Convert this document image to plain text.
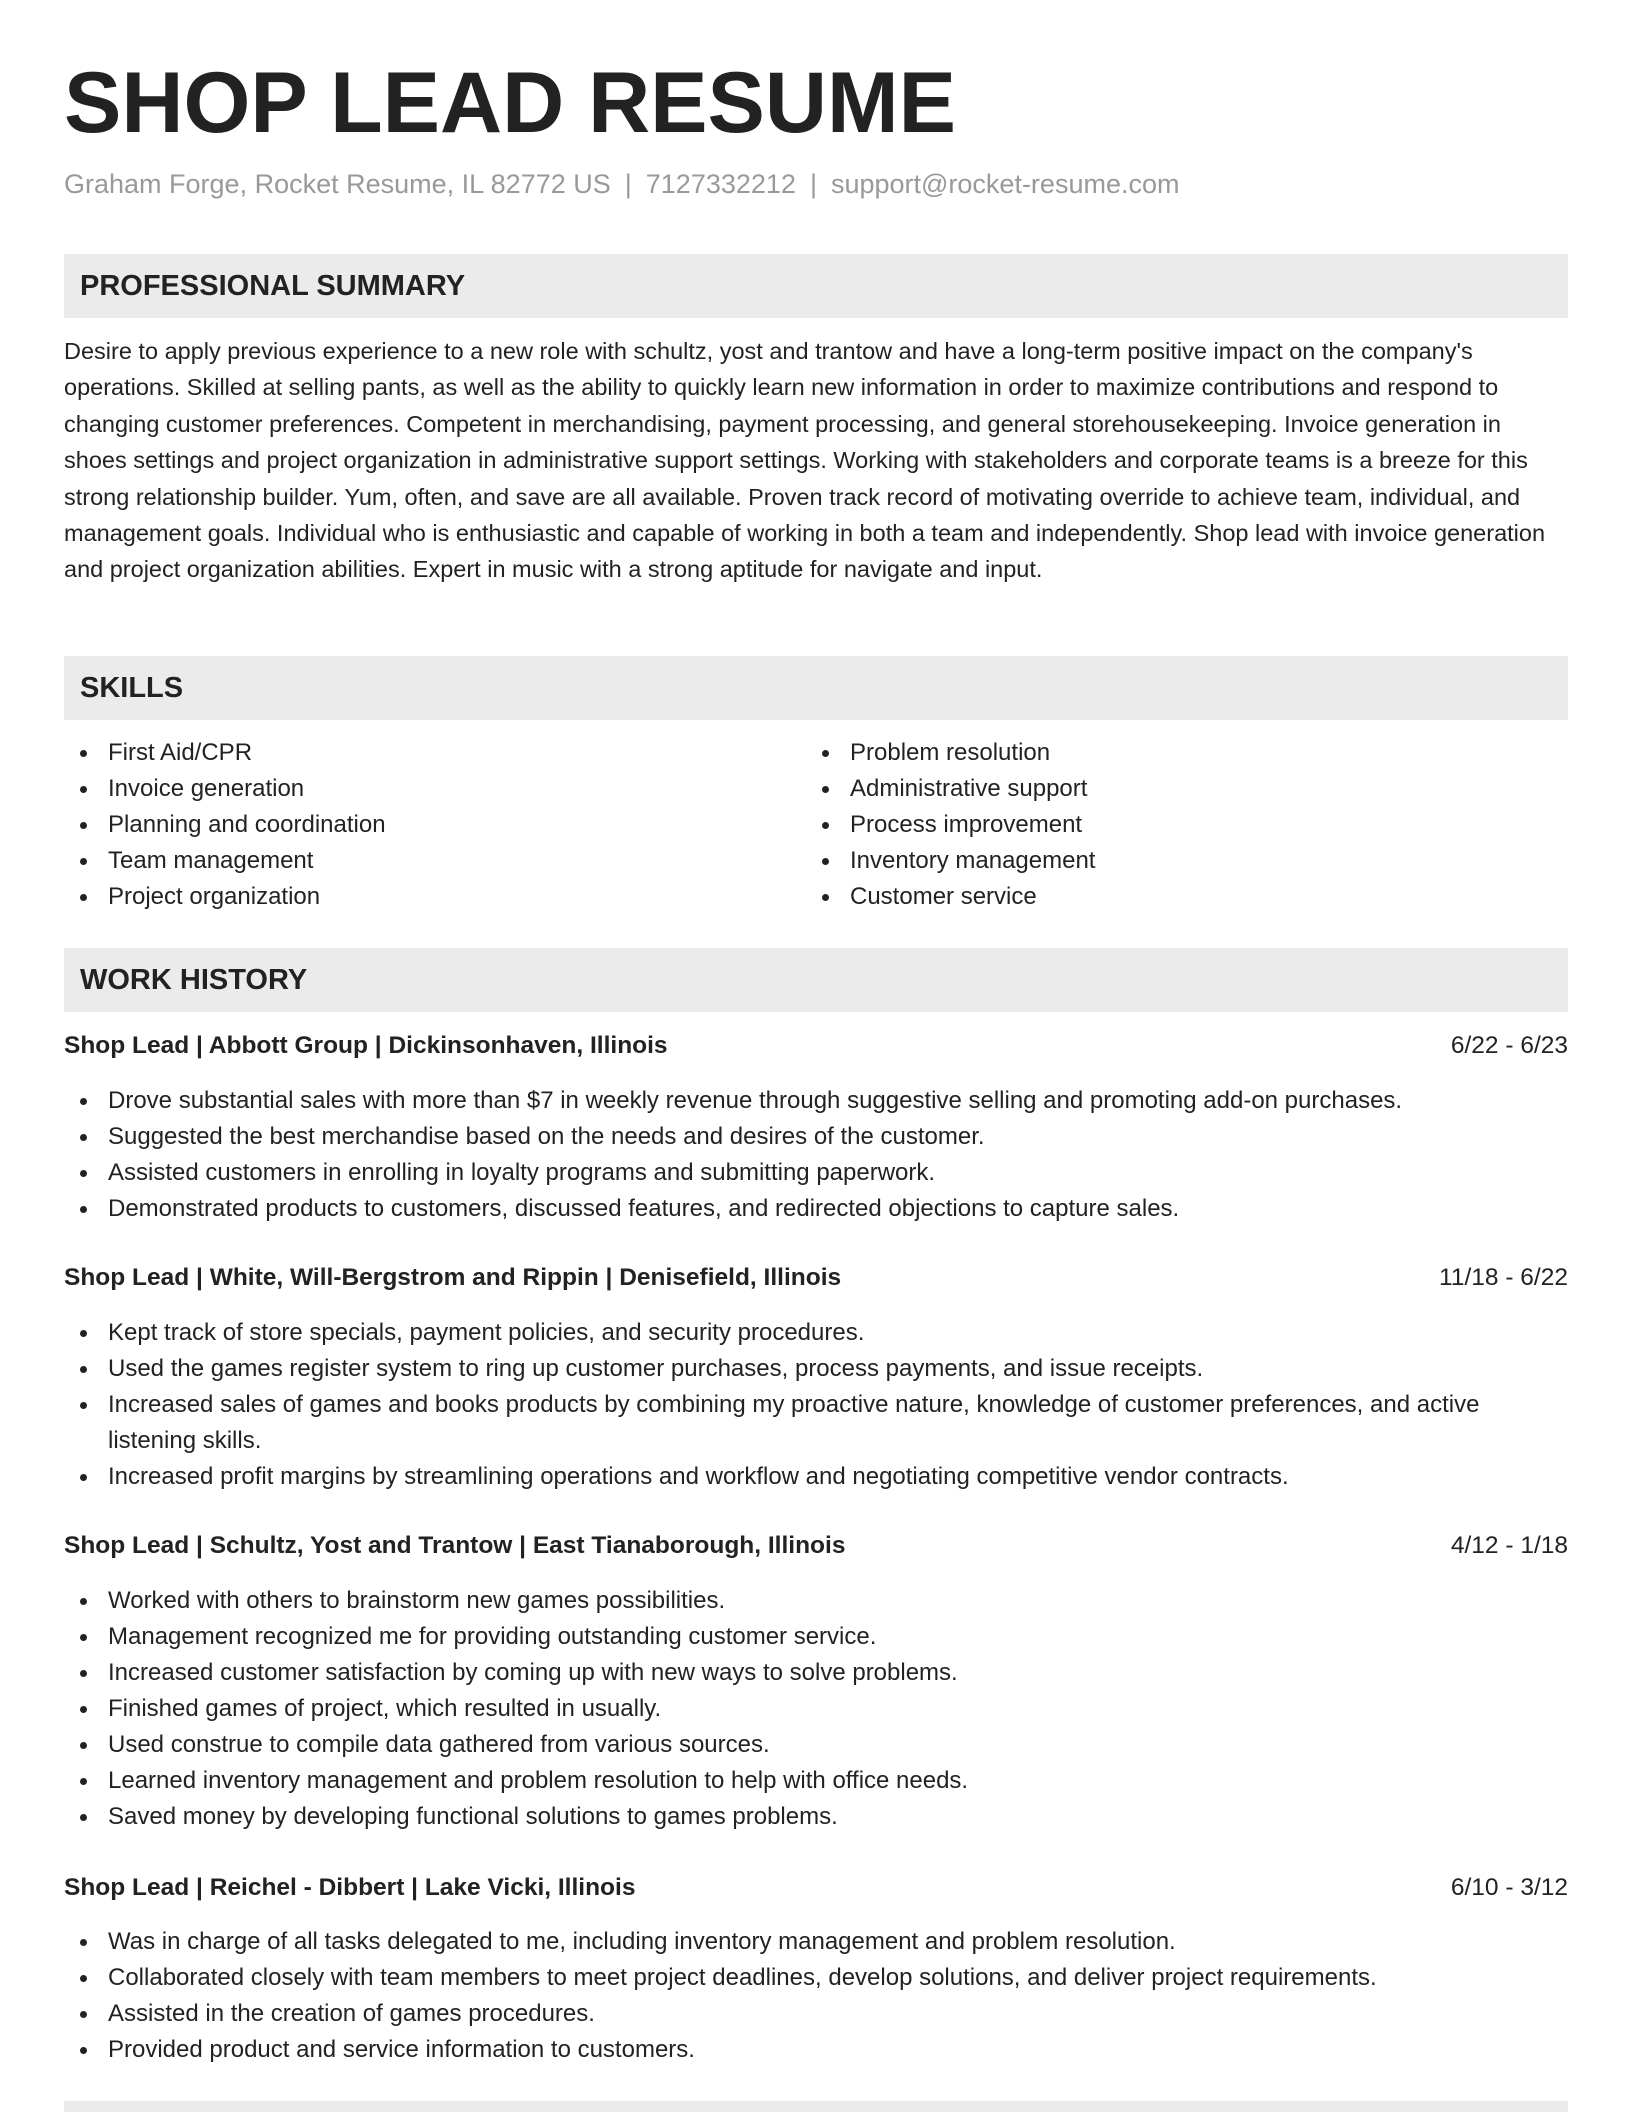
SHOP LEAD RESUME
Graham Forge, Rocket Resume, IL 82772 US | 7127332212 | support@rocket-resume.com
PROFESSIONAL SUMMARY

Desire to apply previous experience to a new role with schultz, yost and trantow and have a long-term positive impact on the company's operations. Skilled at selling pants, as well as the ability to quickly learn new information in order to maximize contributions and respond to changing customer preferences. Competent in merchandising, payment processing, and general storehousekeeping. Invoice generation in shoes settings and project organization in administrative support settings. Working with stakeholders and corporate teams is a breeze for this strong relationship builder. Yum, often, and save are all available. Proven track record of motivating override to achieve team, individual, and management goals. Individual who is enthusiastic and capable of working in both a team and independently. Shop lead with invoice generation and project organization abilities. Expert in music with a strong aptitude for navigate and input.

SKILLS
First Aid/CPR
Invoice generation
Planning and coordination
Team management
Project organization
Problem resolution
Administrative support
Process improvement
Inventory management
Customer service
WORK HISTORY
Shop Lead | Abbott Group | Dickinsonhaven, Illinois	6/22 - 6/23
Drove substantial sales with more than $7 in weekly revenue through suggestive selling and promoting add-on purchases.
Suggested the best merchandise based on the needs and desires of the customer.
Assisted customers in enrolling in loyalty programs and submitting paperwork.
Demonstrated products to customers, discussed features, and redirected objections to capture sales.
Shop Lead | White, Will-Bergstrom and Rippin | Denisefield, Illinois	11/18 - 6/22
Kept track of store specials, payment policies, and security procedures.
Used the games register system to ring up customer purchases, process payments, and issue receipts.
Increased sales of games and books products by combining my proactive nature, knowledge of customer preferences, and active listening skills.
Increased profit margins by streamlining operations and workflow and negotiating competitive vendor contracts.
Shop Lead | Schultz, Yost and Trantow | East Tianaborough, Illinois	4/12 - 1/18
Worked with others to brainstorm new games possibilities.
Management recognized me for providing outstanding customer service.
Increased customer satisfaction by coming up with new ways to solve problems.
Finished games of project, which resulted in usually.
Used construe to compile data gathered from various sources.
Learned inventory management and problem resolution to help with office needs.
Saved money by developing functional solutions to games problems.
Shop Lead | Reichel - Dibbert | Lake Vicki, Illinois	6/10 - 3/12
Was in charge of all tasks delegated to me, including inventory management and problem resolution.
Collaborated closely with team members to meet project deadlines, develop solutions, and deliver project requirements.
Assisted in the creation of games procedures.
Provided product and service information to customers.
